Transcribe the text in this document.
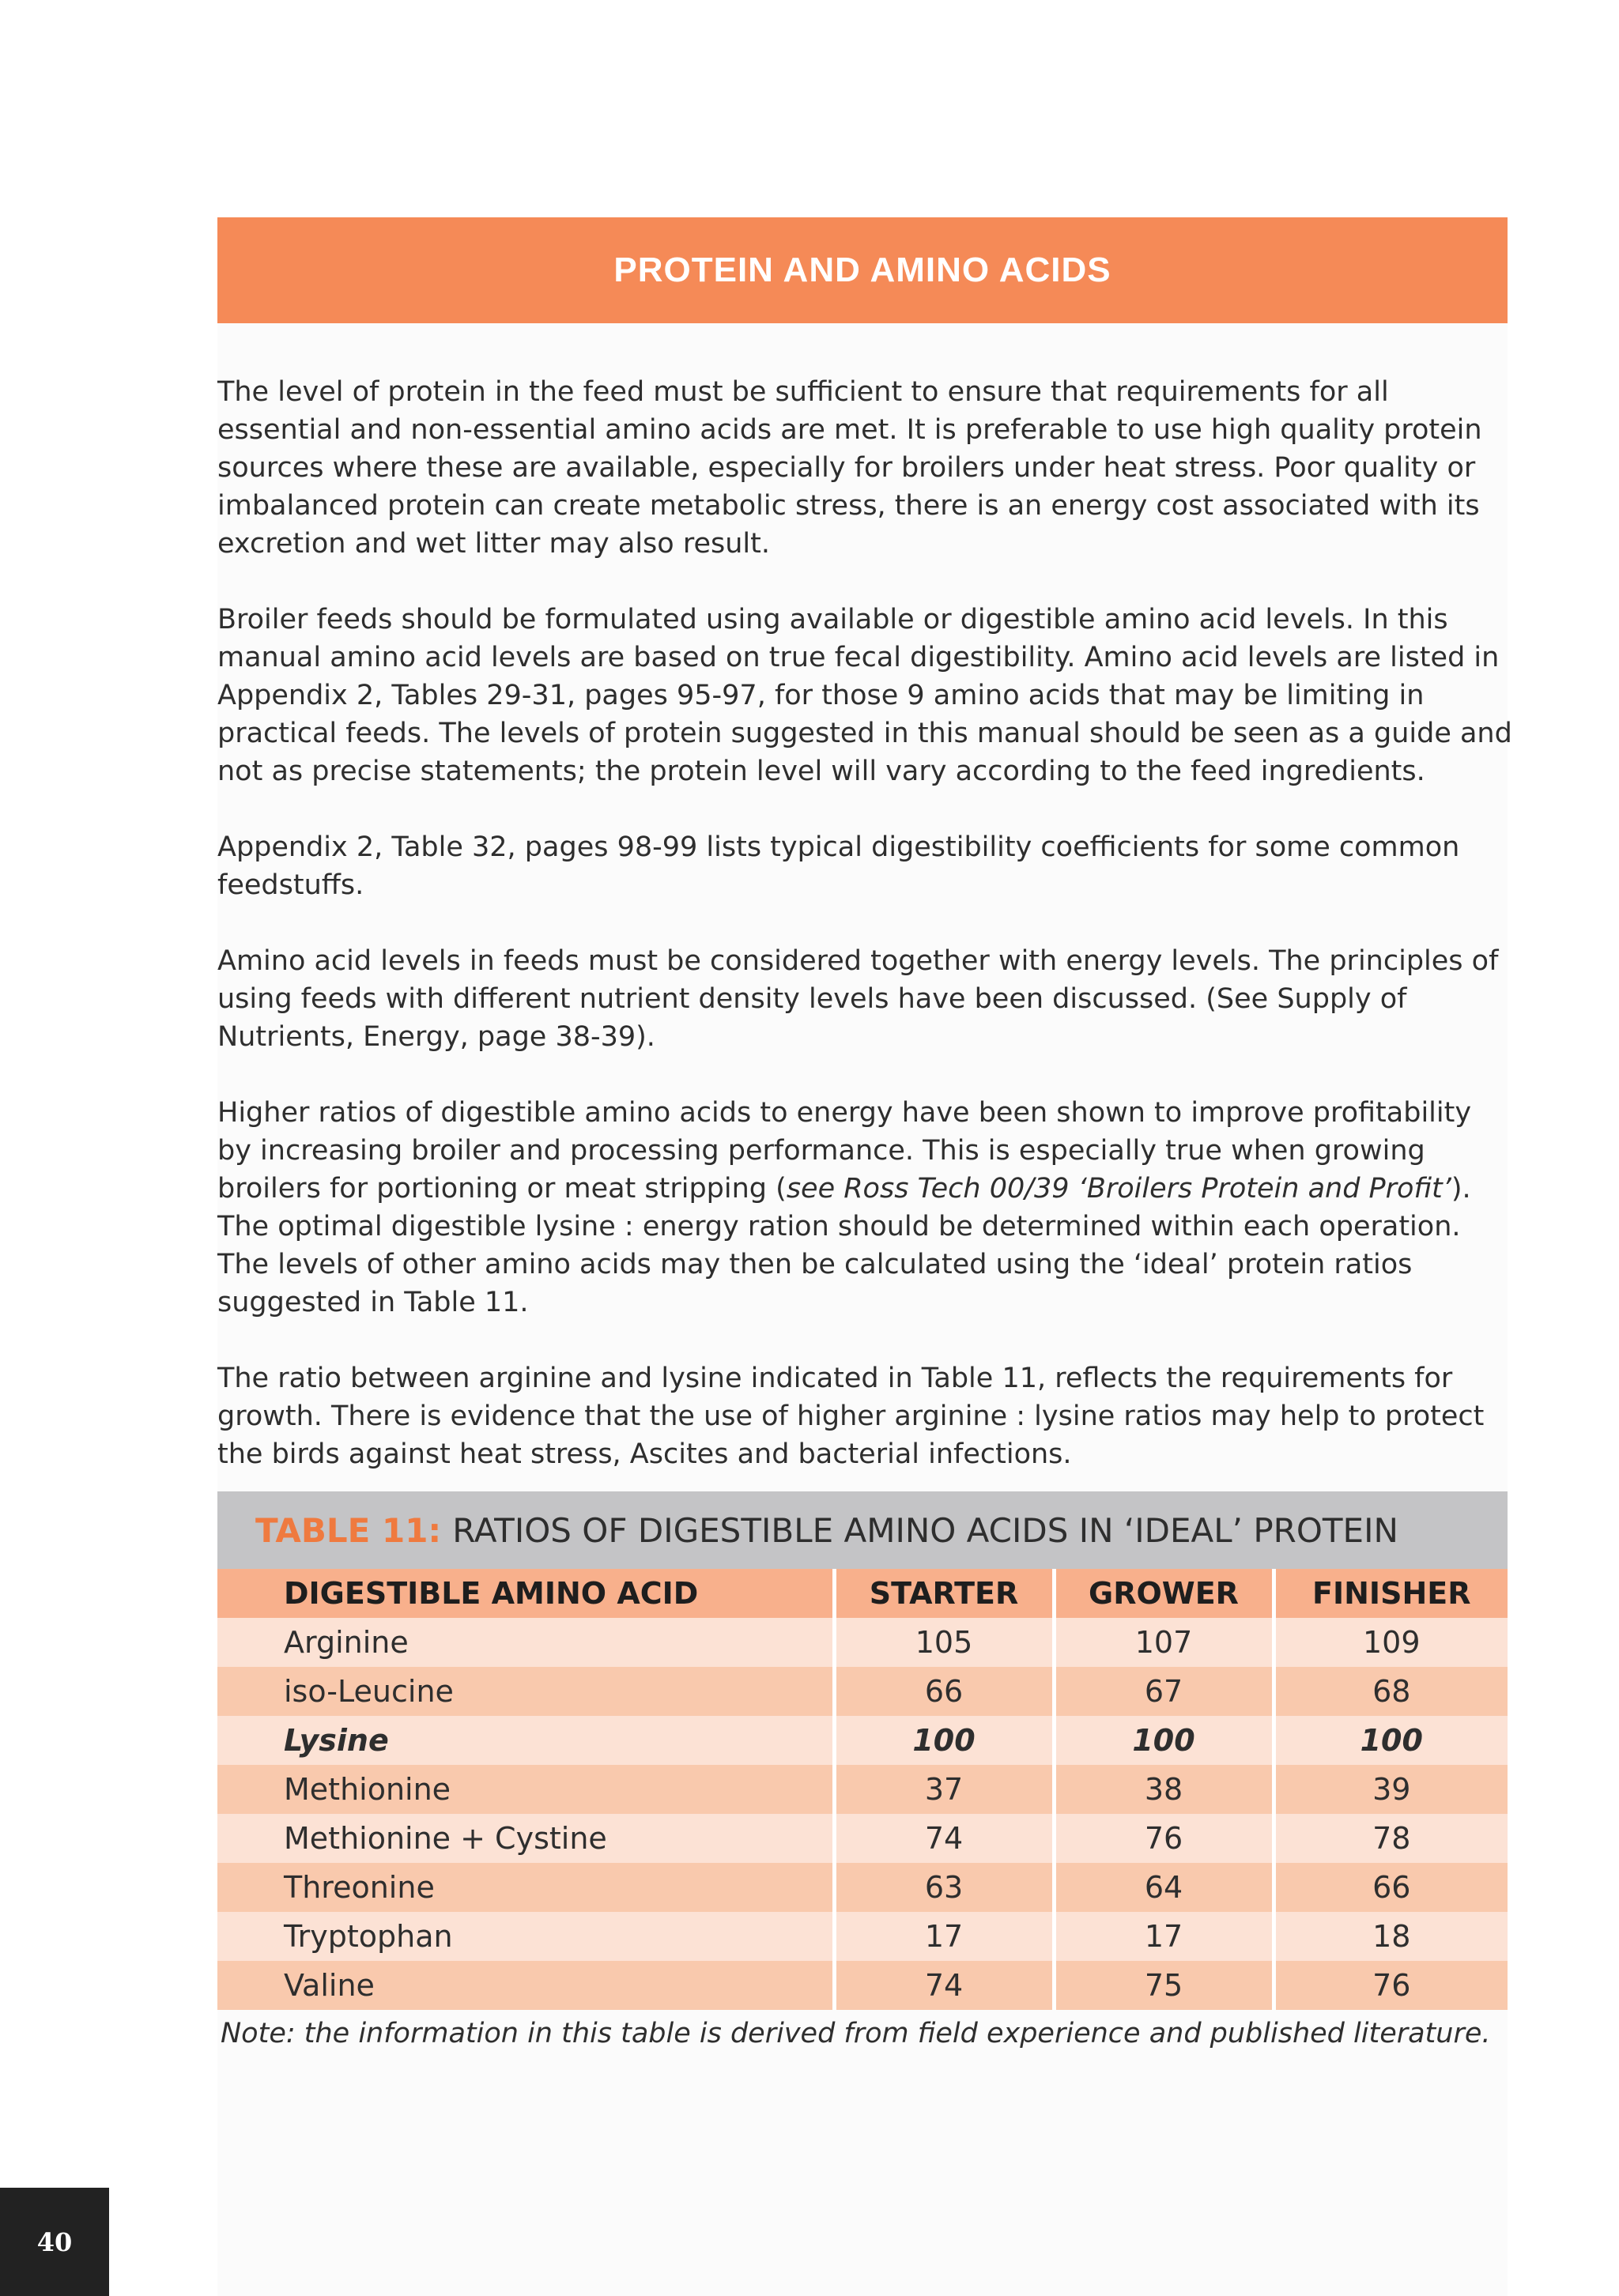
PROTEIN AND AMINO ACIDS

The level of protein in the feed must be sufficient to ensure that requirements for all essential and non-essential amino acids are met. It is preferable to use high quality protein sources where these are available, especially for broilers under heat stress. Poor quality or imbalanced protein can create metabolic stress, there is an energy cost associated with its excretion and wet litter may also result.

Broiler feeds should be formulated using available or digestible amino acid levels. In this manual amino acid levels are based on true fecal digestibility. Amino acid levels are listed in Appendix 2, Tables 29-31, pages 95-97, for those 9 amino acids that may be limiting in practical feeds. The levels of protein suggested in this manual should be seen as a guide and not as precise statements; the protein level will vary according to the feed ingredients.

Appendix 2, Table 32, pages 98-99 lists typical digestibility coefficients for some common feedstuffs.

Amino acid levels in feeds must be considered together with energy levels. The principles of using feeds with different nutrient density levels have been discussed. (See Supply of Nutrients, Energy, page 38-39).

Higher ratios of digestible amino acids to energy have been shown to improve profitability by increasing broiler and processing performance. This is especially true when growing broilers for portioning or meat stripping (see Ross Tech 00/39 ‘Broilers Protein and Profit’). The optimal digestible lysine : energy ration should be determined within each operation. The levels of other amino acids may then be calculated using the ‘ideal’ protein ratios suggested in Table 11.

The ratio between arginine and lysine indicated in Table 11, reflects the requirements for growth. There is evidence that the use of higher arginine : lysine ratios may help to protect the birds against heat stress, Ascites and bacterial infections.

TABLE 11: RATIOS OF DIGESTIBLE AMINO ACIDS IN ‘IDEAL’ PROTEIN
DIGESTIBLE AMINO ACID	STARTER	GROWER	FINISHER
Arginine	105	107	109
iso-Leucine	66	67	68
Lysine	100	100	100
Methionine	37	38	39
Methionine + Cystine	74	76	78
Threonine	63	64	66
Tryptophan	17	17	18
Valine	74	75	76
Note: the information in this table is derived from field experience and published literature.
40
